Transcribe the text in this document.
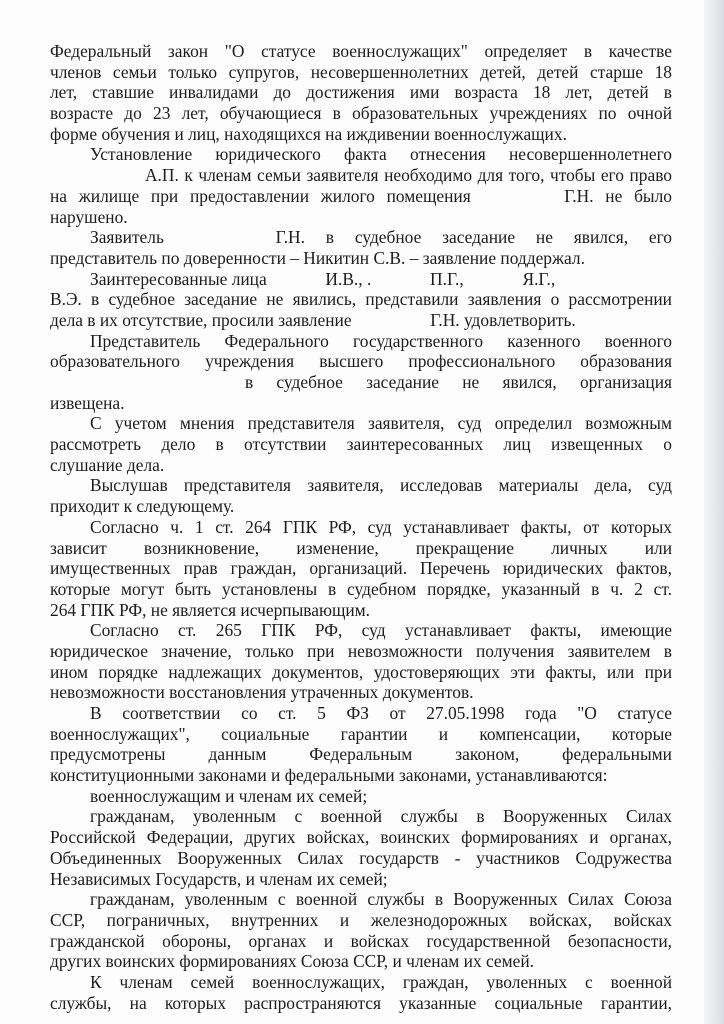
Федеральный закон "О статусе военнослужащих" определяет в качестве
членов семьи только супругов, несовершеннолетних детей, детей старше 18
лет, ставшие инвалидами до достижения ими возраста 18 лет, детей в
возрасте до 23 лет, обучающиеся в образовательных учреждениях по очной
форме обучения и лиц, находящихся на иждивении военнослужащих.
Установление юридического факта отнесения несовершеннолетнего
А.П. к членам семьи заявителя необходимо для того, чтобы его право
на жилище при предоставлении жилого помещения	Г.Н. не было
нарушено.
Заявитель	Г.Н. в судебное заседание не явился, его
представитель по доверенности – Никитин С.В. – заявление поддержал.
Заинтересованные лица	И.В., .	П.Г.,	Я.Г.,
В.Э. в судебное заседание не явились, представили заявления о рассмотрении
дела в их отсутствие, просили заявление	Г.Н. удовлетворить.
Представитель Федерального государственного казенного военного
образовательного учреждения высшего профессионального образования
в судебное заседание не явился, организация
извещена.
С учетом мнения представителя заявителя, суд определил возможным
рассмотреть дело в отсутствии заинтересованных лиц извещенных о
слушание дела.
Выслушав представителя заявителя, исследовав материалы дела, суд
приходит к следующему.
Согласно ч. 1 ст. 264 ГПК РФ, суд устанавливает факты, от которых
зависит возникновение, изменение, прекращение личных или
имущественных прав граждан, организаций. Перечень юридических фактов,
которые могут быть установлены в судебном порядке, указанный в ч. 2 ст.
264 ГПК РФ, не является исчерпывающим.
Согласно ст. 265 ГПК РФ, суд устанавливает факты, имеющие
юридическое значение, только при невозможности получения заявителем в
ином порядке надлежащих документов, удостоверяющих эти факты, или при
невозможности восстановления утраченных документов.
В соответствии со ст. 5 ФЗ от 27.05.1998 года "О статусе
военнослужащих", социальные гарантии и компенсации, которые
предусмотрены данным Федеральным законом, федеральными
конституционными законами и федеральными законами, устанавливаются:
военнослужащим и членам их семей;
гражданам, уволенным с военной службы в Вооруженных Силах
Российской Федерации, других войсках, воинских формированиях и органах,
Объединенных Вооруженных Силах государств - участников Содружества
Независимых Государств, и членам их семей;
гражданам, уволенным с военной службы в Вооруженных Силах Союза
ССР, пограничных, внутренних и железнодорожных войсках, войсках
гражданской обороны, органах и войсках государственной безопасности,
других воинских формированиях Союза ССР, и членам их семей.
К членам семей военнослужащих, граждан, уволенных с военной
службы, на которых распространяются указанные социальные гарантии,
